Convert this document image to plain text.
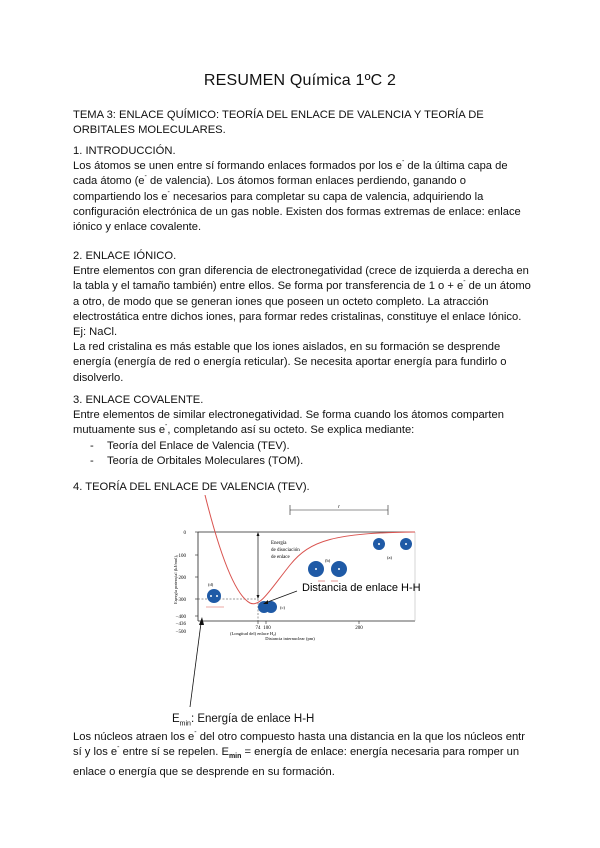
RESUMEN Química 1ºC 2

TEMA 3: ENLACE QUÍMICO: TEORÍA DEL ENLACE DE VALENCIA Y TEORÍA DE ORBITALES MOLECULARES.

1. INTRODUCCIÓN.

Los átomos se unen entre sí formando enlaces formados por los e- de la última capa de cada átomo (e- de valencia). Los átomos forman enlaces perdiendo, ganando o compartiendo los e- necesarios para completar su capa de valencia, adquiriendo la configuración electrónica de un gas noble. Existen dos formas extremas de enlace: enlace iónico y enlace covalente.

2. ENLACE IÓNICO.

Entre elementos con gran diferencia de electronegatividad (crece de izquierda a derecha en la tabla y el tamaño también) entre ellos. Se forma por transferencia de 1 o + e- de un átomo a otro, de modo que se generan iones que poseen un octeto completo. La atracción electrostática entre dichos iones, para formar redes cristalinas, constituye el enlace Iónico.

Ej: NaCl.

La red cristalina es más estable que los iones aislados, en su formación se desprende energía (energía de red o energía reticular). Se necesita aportar energía para fundirlo o disolverlo.

3. ENLACE COVALENTE.

Entre elementos de similar electronegatividad. Se forma cuando los átomos comparten mutuamente sus e-, completando así su octeto. Se explica mediante:

- Teoría del Enlace de Valencia (TEV).
- Teoría de Orbitales Moleculares (TOM).

4. TEORÍA DEL ENLACE DE VALENCIA (TEV).

0
−100
−200
−300
−400
−436
−500
Energía potencial (kJ/mol)
74 100	200
(Longitud del) enlace $H_2$)
Distancia internuclear (pm)
Energía
de disociación
de enlace
r
(a)
(b)
(c)
(d)	Distancia de enlace H-H

$E_{min}$: Energía de enlace H-H

Los núcleos atraen los e- del otro compuesto hasta una distancia en la que los núcleos entr sí y los e- entre sí se repelen. $E_{min}$ = energía de enlace: energía necesaria para romper un enlace o energía que se desprende en su formación.
